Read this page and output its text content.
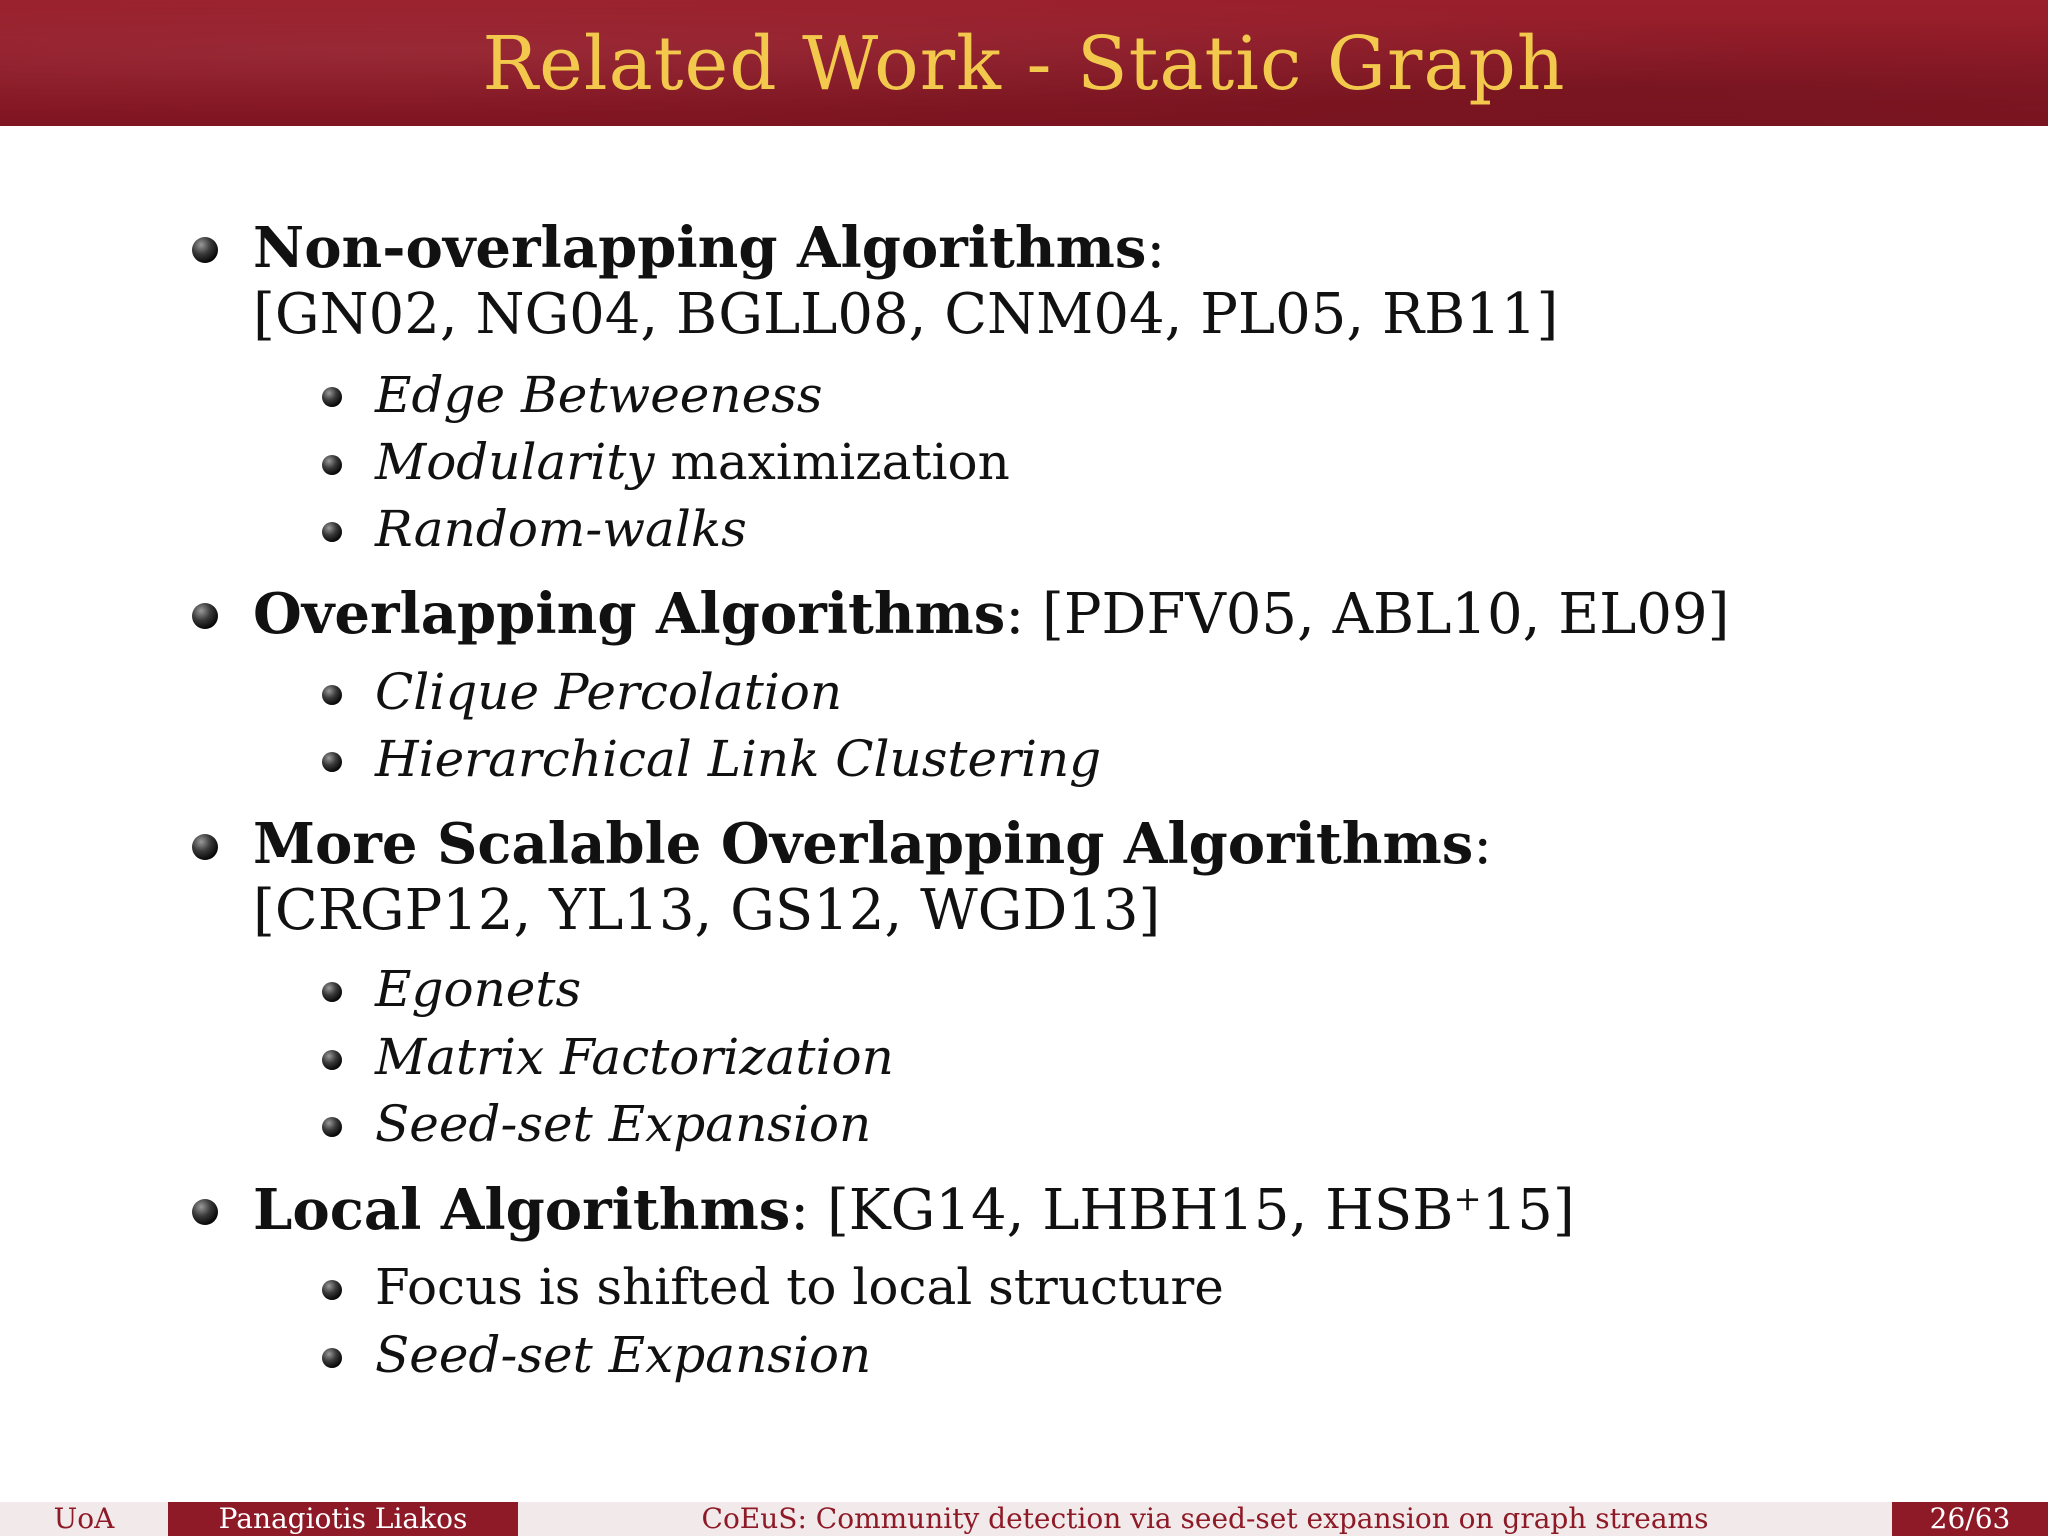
Related Work - Static Graph
Non-overlapping Algorithms:
[GN02, NG04, BGLL08, CNM04, PL05, RB11]
Edge Betweeness
Modularity maximization
Random-walks
Overlapping Algorithms: [PDFV05, ABL10, EL09]
Clique Percolation
Hierarchical Link Clustering
More Scalable Overlapping Algorithms:
[CRGP12, YL13, GS12, WGD13]
Egonets
Matrix Factorization
Seed-set Expansion
Local Algorithms: [KG14, LHBH15, HSB+15]
Focus is shifted to local structure
Seed-set Expansion
UoA	Panagiotis Liakos	CoEuS: Community detection via seed-set expansion on graph streams	26/63
